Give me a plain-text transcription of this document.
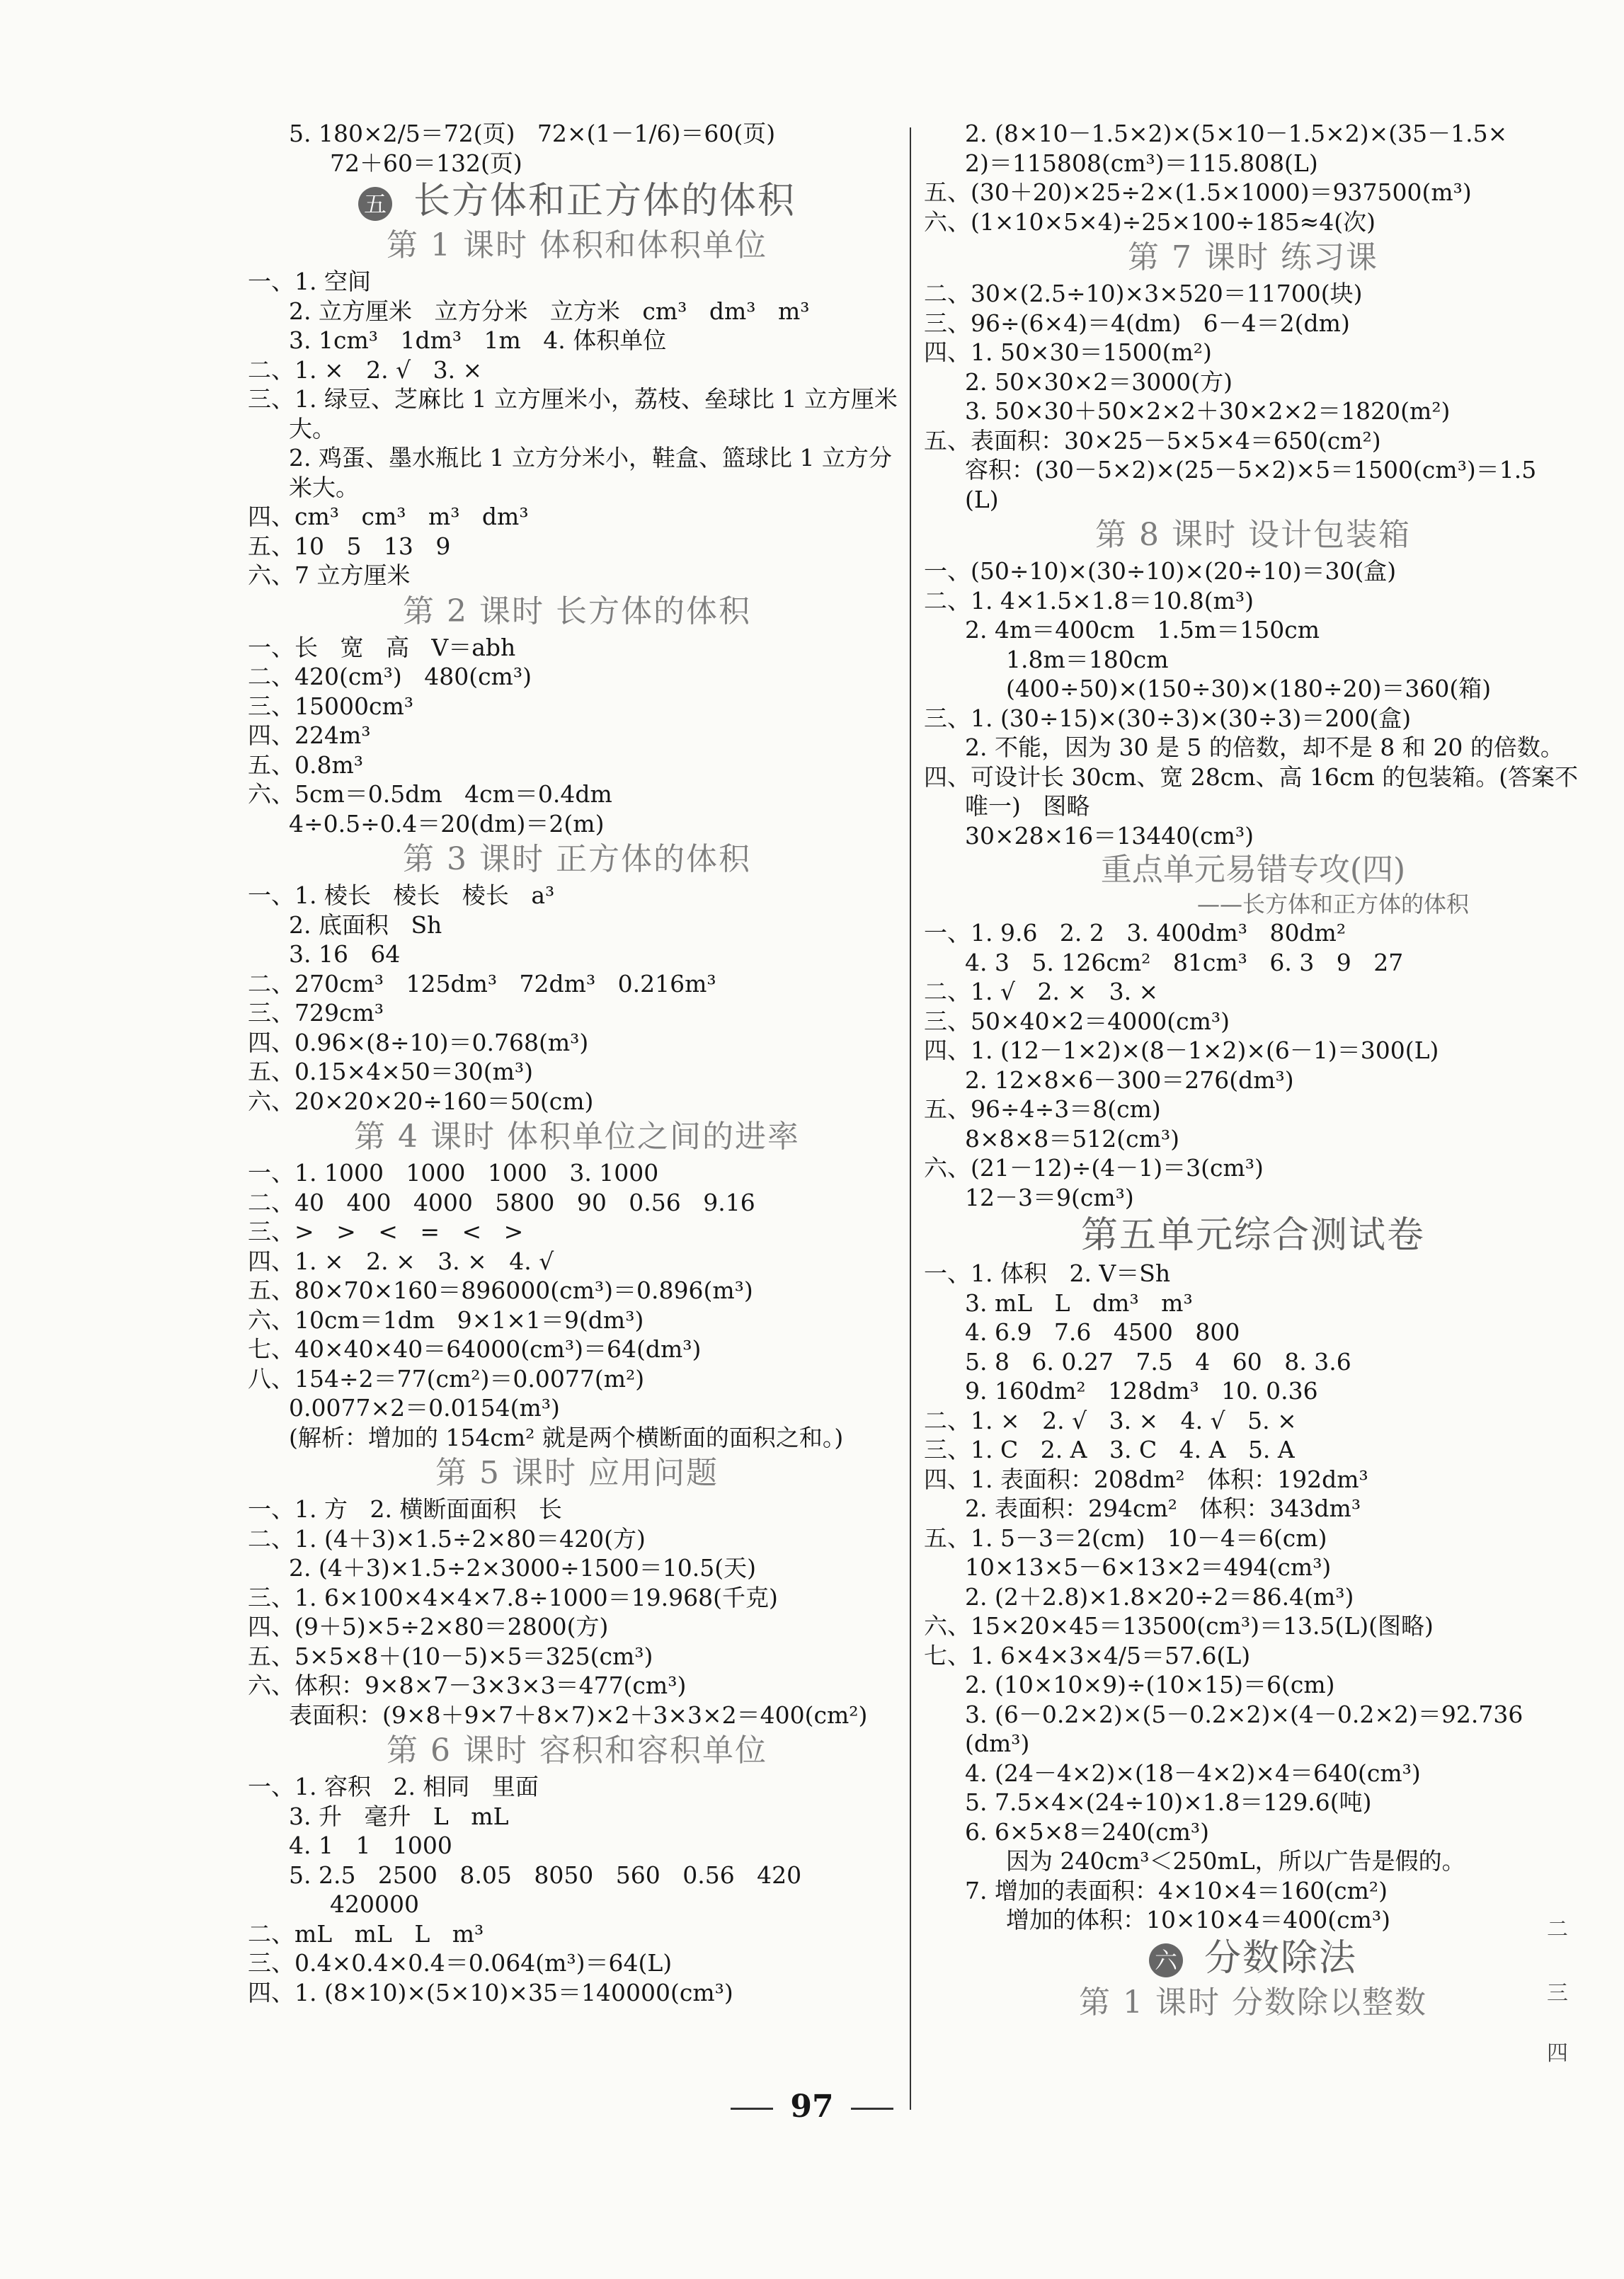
5. 180×2/5＝72(页)   72×(1－1/6)＝60(页)
72＋60＝132(页)
五 长方体和正方体的体积
第 1 课时 体积和体积单位
一、1. 空间
2. 立方厘米   立方分米   立方米   cm³   dm³   m³
3. 1cm³   1dm³   1m   4. 体积单位
二、1. ×   2. √   3. ×
三、1. 绿豆、芝麻比 1 立方厘米小，荔枝、垒球比 1 立方厘米
大。
2. 鸡蛋、墨水瓶比 1 立方分米小，鞋盒、篮球比 1 立方分
米大。
四、cm³   cm³   m³   dm³
五、10   5   13   9
六、7 立方厘米
第 2 课时 长方体的体积
一、长   宽   高   V＝abh
二、420(cm³)   480(cm³)
三、15000cm³
四、224m³
五、0.8m³
六、5cm＝0.5dm   4cm＝0.4dm
4÷0.5÷0.4＝20(dm)＝2(m)
第 3 课时 正方体的体积
一、1. 棱长   棱长   棱长   a³
2. 底面积   Sh
3. 16   64
二、270cm³   125dm³   72dm³   0.216m³
三、729cm³
四、0.96×(8÷10)＝0.768(m³)
五、0.15×4×50＝30(m³)
六、20×20×20÷160＝50(cm)
第 4 课时 体积单位之间的进率
一、1. 1000   1000   1000   3. 1000
二、40   400   4000   5800   90   0.56   9.16
三、>   >   <   =   <   >
四、1. ×   2. ×   3. ×   4. √
五、80×70×160＝896000(cm³)＝0.896(m³)
六、10cm＝1dm   9×1×1＝9(dm³)
七、40×40×40＝64000(cm³)＝64(dm³)
八、154÷2＝77(cm²)＝0.0077(m²)
0.0077×2＝0.0154(m³)
(解析：增加的 154cm² 就是两个横断面的面积之和。)
第 5 课时 应用问题
一、1. 方   2. 横断面面积   长
二、1. (4＋3)×1.5÷2×80＝420(方)
2. (4＋3)×1.5÷2×3000÷1500＝10.5(天)
三、1. 6×100×4×4×7.8÷1000＝19.968(千克)
四、(9＋5)×5÷2×80＝2800(方)
五、5×5×8＋(10－5)×5＝325(cm³)
六、体积：9×8×7－3×3×3＝477(cm³)
表面积：(9×8＋9×7＋8×7)×2＋3×3×2＝400(cm²)
第 6 课时 容积和容积单位
一、1. 容积   2. 相同   里面
3. 升   毫升   L   mL
4. 1   1   1000
5. 2.5   2500   8.05   8050   560   0.56   420
420000
二、mL   mL   L   m³
三、0.4×0.4×0.4＝0.064(m³)＝64(L)
四、1. (8×10)×(5×10)×35＝140000(cm³)
2. (8×10－1.5×2)×(5×10－1.5×2)×(35－1.5×
2)＝115808(cm³)＝115.808(L)
五、(30＋20)×25÷2×(1.5×1000)＝937500(m³)
六、(1×10×5×4)÷25×100÷185≈4(次)
第 7 课时 练习课
二、30×(2.5÷10)×3×520＝11700(块)
三、96÷(6×4)＝4(dm)   6－4＝2(dm)
四、1. 50×30＝1500(m²)
2. 50×30×2＝3000(方)
3. 50×30＋50×2×2＋30×2×2＝1820(m²)
五、表面积：30×25－5×5×4＝650(cm²)
容积：(30－5×2)×(25－5×2)×5＝1500(cm³)＝1.5
(L)
第 8 课时 设计包装箱
一、(50÷10)×(30÷10)×(20÷10)＝30(盒)
二、1. 4×1.5×1.8＝10.8(m³)
2. 4m＝400cm   1.5m＝150cm
1.8m＝180cm
(400÷50)×(150÷30)×(180÷20)＝360(箱)
三、1. (30÷15)×(30÷3)×(30÷3)＝200(盒)
2. 不能，因为 30 是 5 的倍数，却不是 8 和 20 的倍数。
四、可设计长 30cm、宽 28cm、高 16cm 的包装箱。(答案不
唯一)   图略
30×28×16＝13440(cm³)
重点单元易错专攻(四)
——长方体和正方体的体积
一、1. 9.6   2. 2   3. 400dm³   80dm²
4. 3   5. 126cm²   81cm³   6. 3   9   27
二、1. √   2. ×   3. ×
三、50×40×2＝4000(cm³)
四、1. (12－1×2)×(8－1×2)×(6－1)＝300(L)
2. 12×8×6－300＝276(dm³)
五、96÷4÷3＝8(cm)
8×8×8＝512(cm³)
六、(21－12)÷(4－1)＝3(cm³)
12－3＝9(cm³)
第五单元综合测试卷
一、1. 体积   2. V＝Sh
3. mL   L   dm³   m³
4. 6.9   7.6   4500   800
5. 8   6. 0.27   7.5   4   60   8. 3.6
9. 160dm²   128dm³   10. 0.36
二、1. ×   2. √   3. ×   4. √   5. ×
三、1. C   2. A   3. C   4. A   5. A
四、1. 表面积：208dm²   体积：192dm³
2. 表面积：294cm²   体积：343dm³
五、1. 5－3＝2(cm)   10－4＝6(cm)
10×13×5－6×13×2＝494(cm³)
2. (2＋2.8)×1.8×20÷2＝86.4(m³)
六、15×20×45＝13500(cm³)＝13.5(L)(图略)
七、1. 6×4×3×4/5＝57.6(L)
2. (10×10×9)÷(10×15)＝6(cm)
3. (6－0.2×2)×(5－0.2×2)×(4－0.2×2)＝92.736
(dm³)
4. (24－4×2)×(18－4×2)×4＝640(cm³)
5. 7.5×4×(24÷10)×1.8＝129.6(吨)
6. 6×5×8＝240(cm³)
因为 240cm³＜250mL，所以广告是假的。
7. 增加的表面积：4×10×4＝160(cm²)
增加的体积：10×10×4＝400(cm³)
六 分数除法
第 1 课时 分数除以整数
97
二
三
四
